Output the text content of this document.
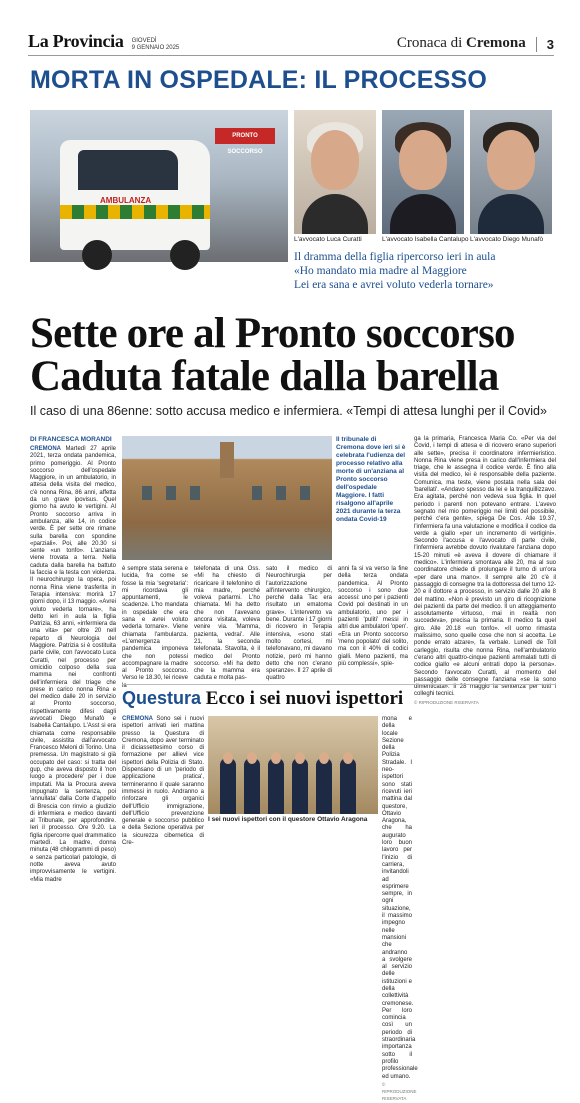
La Provincia GIOVEDÌ
9 GENNAIO 2025	Cronaca di Cremona	3
MORTA IN OSPEDALE: IL PROCESSO
AMBULANZA
PRONTO SOCCORSO
L'avvocato Luca Curatti	L'avvocato Isabella Cantalupo L'avvocato Diego Munafò
Il dramma della figlia ripercorso ieri in aula
«Ho mandato mia madre al Maggiore
Lei era sana e avrei voluto vederla tornare»
Sette ore al Pronto soccorso
Caduta fatale dalla barella
Il caso di una 86enne: sotto accusa medico e infermiera. «Tempi di attesa lunghi per il Covid»
DI FRANCESCA MORANDI
CREMONA Martedì 27 aprile 2021, terza ondata pandemica, primo pomeriggio. Al Pronto soccorso dell'ospedale Maggiore, in un ambulatorio, in attesa della visita del medico, c'è nonna Rina, 86 anni, affetta da un grave ipovisus. Quel giorno ha avuto le vertigini. Al Pronto soccorso arriva in ambulanza, alle 14, in codice verde. È per sette ore rimane sulla barella con spondine «parziali». Poi, alle 20.30 si sente «un tonfo». L'anziana viene trovata a terra. Nella caduta dalla barella ha battuto la faccia e la testa con violenza. Il neurochirurgo la opera, poi nonna Rina viene trasferita in Terapia intensiva: morirà 17 giorni dopo, il 13 maggio. «Avrei voluto vederla tornare», ha detto ieri in aula la figlia Patrizia, 63 anni, «infermiera da una vita» per oltre 20 nell reparto di Neurologia del Maggiore. Patrizia si è costituita parte civile, con l'avvocato Luca Curatti, nel processo per omicidio colposo della sua mamma nei confronti dell'infermiera del triage che prese in carico nonna Rina e del medico dalle 20 in servizio al Pronto soccorso, rispettivamente difesi dagli avvocati Diego Munafò e Isabella Cantalupo. L'Asst si era chiamata come responsabile civile, assistita dall'avvocato Francesco Meloni di Torino. Una premessa. Un magistrato si già occupato del caso: si tratta del gup, che aveva disposto il 'non luogo a procedere' per i due imputati. Ma la Procura aveva impugnato la sentenza, poi 'annullata' dalla Corte d'appello di Brescia con rinvio a giudizio di infermiera e medico davanti al Tribunale, per approfondire. Ieri il processo. Ore 9.20. La figlia ripercorre quel drammatico martedì. La madre, donna minuta (48 chilogrammi di peso) e senza particolari patologie, di notte aveva avuto improvvisamente le vertigini. «Mia madre
Il tribunale di Cremona dove ieri si è celebrata l'udienza del processo relativo alla morte di un'anziana al Pronto soccorso dell'ospedale Maggiore. I fatti risalgono all'aprile 2021 durante la terza ondata Covid-19
è sempre stata serena e lucida, fra come se fosse la mia 'segretaria': mi ricordava gli appuntamenti, le scadenze. L'ho mandata in ospedale che era sana e avrei voluto vederla tornare». Viene chiamata l'ambulanza. «L'emergenza pandemica imponeva che non potessi accompagnare la madre al Pronto soccorso. Verso le 18.30, lei riceve la
telefonata di una Oss. «Mi ha chiesto di ricaricare il telefonino di mia madre, perché voleva parlarmi. L'ho chiamata. Mi ha detto che non l'avevano ancora visitata, voleva venire via. 'Mamma, pazienta, vedrai'. Alle 21, la seconda telefonata. Stavolta, è il medico del Pronto soccorso. «Mi ha detto che la mamma era caduta e molta pas-
sato il medico di Neurochirurgia per l'autorizzazione all'intervento chirurgico, perché dalla Tac era risultato un ematoma grave». L'intervento va bene. Durante i 17 giorni di ricovero in Terapia intensiva, «sono stati molto cortesi, mi telefonavano, mi davano notizie, però mi hanno detto che non c'erano speranze». Il 27 aprile di quattro
anni fa si va verso la fine della terza ondata pandemica. Al Pronto soccorso i sono due accessi: uno per i pazienti Covid poi destinati in un ambulatorio, uno per i pazienti 'puliti' messi in altri due ambulatori 'open'. «Era un Pronto soccorso 'meno popolato' del solito, ma con il 40% di codici gialli. Meno pazienti, ma più complessi», spie-
ga la primaria, Francesca Maria Co. «Per via del Covid, i tempi di attesa e di ricovero erano superiori alle sette», precisa il coordinatore infermieristico. Nonna Rina viene presa in carico dall'infermiera del triage, che le assegna il codice verde. È fino alla visita del medico, lei è responsabile della paziente. Comunica, ma teste, viene postata nella sala dei 'barellati'. «Andavo spesso da lei e la tranquillizzavo. Era agitata, perché non vedeva sua figlia. In quel periodo i parenti non potevano entrare. L'avevo segnato nel mio pomeriggio nei limiti del possibile, perché c'era gente», spiega De Cos. Alle 19.37, l'infermiera fa una valutazione e modifica il codice da verde a giallo «per un incremento di vertigini». Secondo l'accusa e l'avvocato di parte civile, l'infermiera avrebbe dovuto rivalutare l'anziana dopo 15-20 minuti «è aveva il dovere di chiamare il medico». L'infermiera smontava alle 20, ma al suo coordinatore chiede di prolungare il turno di un'ora «per dare una mano». Il sempre alle 20 c'è il passaggio di consegne tra la dottoressa del turno 12-20 e il dottore a processo, in servizio dalle 20 alle 8 del mattino. «Non è previsto un giro di ricognizione dei pazienti da parte del medico. Il un atteggiamento assolutamente virtuoso, mai in realtà non succedeva», precisa la primaria. Il medico fa quel giro. Alle 20.18 «un tonfo». «Il uomo rimasta malissimo, sono quelle cose che non si accetta. Le ponde errato alzare», fa verbale. Lunedì de Toll carleggio, risulta che nonna Rina, nell'ambulatorio c'erano altri quattro-cinque pazienti ammalati tutti di codice giallo «e alcuni entrati dopo la persona». Secondo l'avvocato Curatti, al momento del passaggio delle consegne l'anziana «se la sono dimenticata». Il 28 maggio la sentenza per tutti i colleghi tecnici.
© RIPRODUZIONE RISERVATA
Questura Ecco i sei nuovi ispettori
CREMONA Sono sei i nuovi ispettori arrivati ieri mattina presso la Questura di Cremona, dopo aver terminato il diciassettesimo corso di formazione per allievi vice ispettori della Polizia di Stato. Dispensano di un 'periodo di applicazione pratica', termineranno il quale saranno immessi in ruolo. Andranno a rinforzare gli organici dell'Ufficio immigrazione, dell'Ufficio prevenzione generale e soccorso pubblico e della Sezione operativa per la sicurezza cibernetica di Cre-
I sei nuovi ispettori con il questore Ottavio Aragona
mona e della locale Sezione della Polizia Stradale. I neo-ispettori sono stati ricevuti ieri mattina dal questore, Ottavio Aragona, che ha augurato loro buon lavoro per l'inizio di carriera, invitandoli ad esprimere sempre, in ogni situazione, il massimo impegno nelle mansioni che andranno a svolgere al servizio delle istituzioni e della collettività cremonese. Per loro comincia così un periodo di straordinaria importanza sotto il profilo professionale ed umano.
© RIPRODUZIONE RISERVATA
